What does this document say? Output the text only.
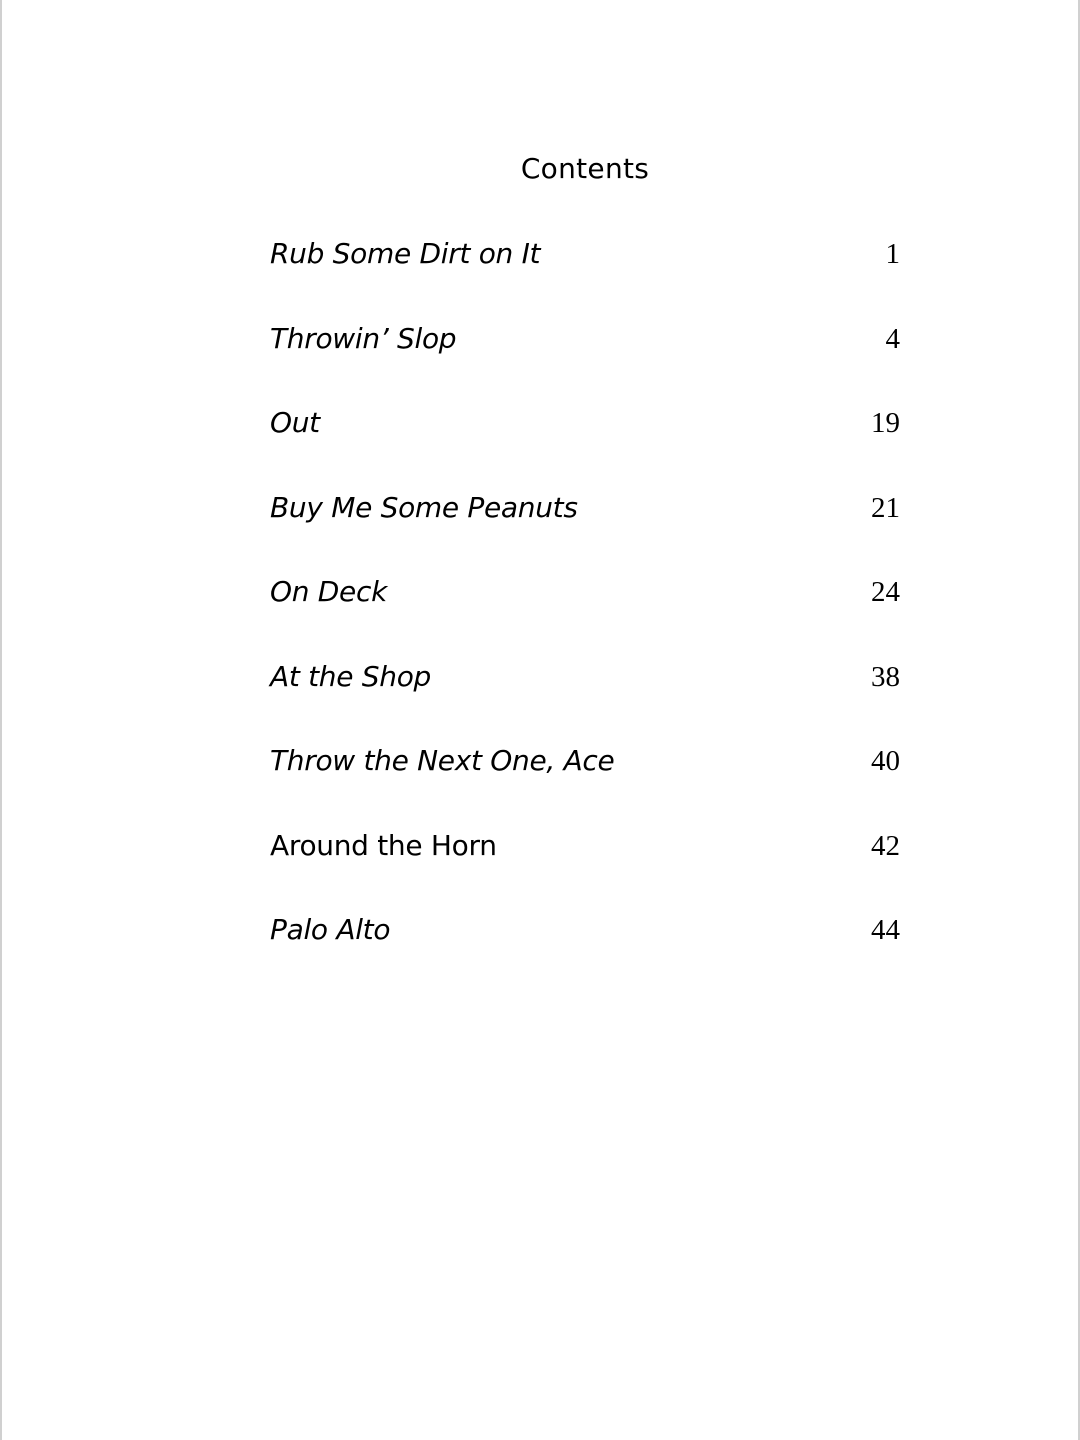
Contents
Rub Some Dirt on It	1
Throwin’ Slop	4
Out	19
Buy Me Some Peanuts	21
On Deck	24
At the Shop	38
Throw the Next One, Ace	40
Around the Horn	42
Palo Alto	44
